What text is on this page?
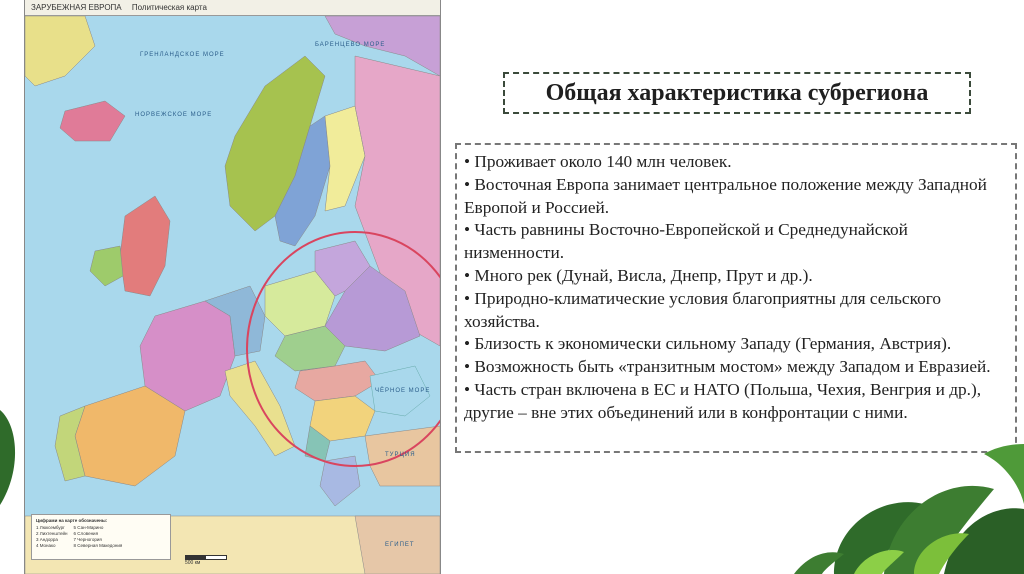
ЗАРУБЕЖНАЯ ЕВРОПА Политическая карта
ГРЕНЛАНДСКОЕ МОРЕ
БАРЕНЦЕВО МОРЕ
НОРВЕЖСКОЕ МОРЕ
ЧЁРНОЕ МОРЕ
ТУРЦИЯ
ЕГИПЕТ
Цифрами на карте обозначены:
1 Люксембург
2 Лихтенштейн
3 Андорра
4 Монако
5 Сан-Марино
6 Словения
7 Черногория
8 Северная Македония
500 км
Общая характеристика субрегиона
• Проживает около 140 млн человек.
• Восточная Европа занимает центральное положение между Западной Европой и Россией.
• Часть равнины Восточно-Европейской и Среднедунайской низменности.
• Много рек (Дунай, Висла, Днепр, Прут и др.).
• Природно-климатические условия благоприятны для сельского хозяйства.
• Близость к экономически сильному Западу (Германия, Австрия).
• Возможность быть «транзитным мостом» между Западом и Евразией.
• Часть стран включена в ЕС и НАТО (Польша, Чехия, Венгрия и др.), другие – вне этих объединений или в конфронтации с ними.
